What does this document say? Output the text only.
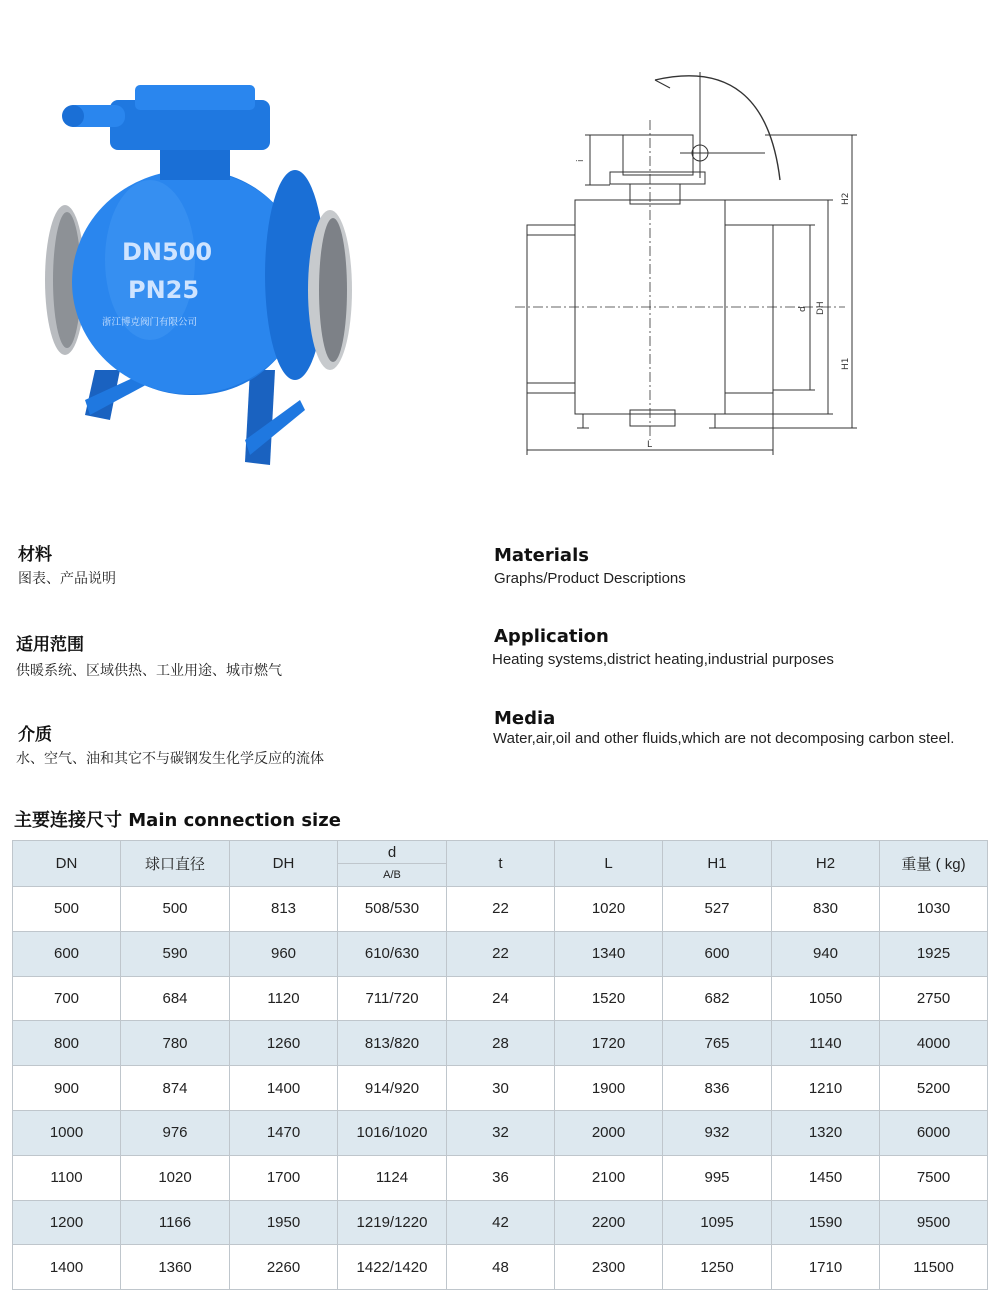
DN500
PN25
浙江博克阀门有限公司
i
d DH
H2
H1
L
材料
图表、产品说明
适用范围
供暖系统、区域供热、工业用途、城市燃气
介质
水、空气、油和其它不与碳钢发生化学反应的流体
Materials
Graphs/Product Descriptions
Application
Heating systems,district heating,industrial purposes
Media
Water,air,oil and other fluids,which are not decomposing carbon steel.
主要连接尺寸 Main connection size
DN	球口直径	DH	d	t	L	H1	H2	重量 ( kg)
			A/B					
500	500	813	508/530	22	1020	527	830	1030
600	590	960	610/630	22	1340	600	940	1925
700	684	1120	711/720	24	1520	682	1050	2750
800	780	1260	813/820	28	1720	765	1140	4000
900	874	1400	914/920	30	1900	836	1210	5200
1000	976	1470	1016/1020	32	2000	932	1320	6000
1100	1020	1700	1124	36	2100	995	1450	7500
1200	1166	1950	1219/1220	42	2200	1095	1590	9500
1400	1360	2260	1422/1420	48	2300	1250	1710	11500
